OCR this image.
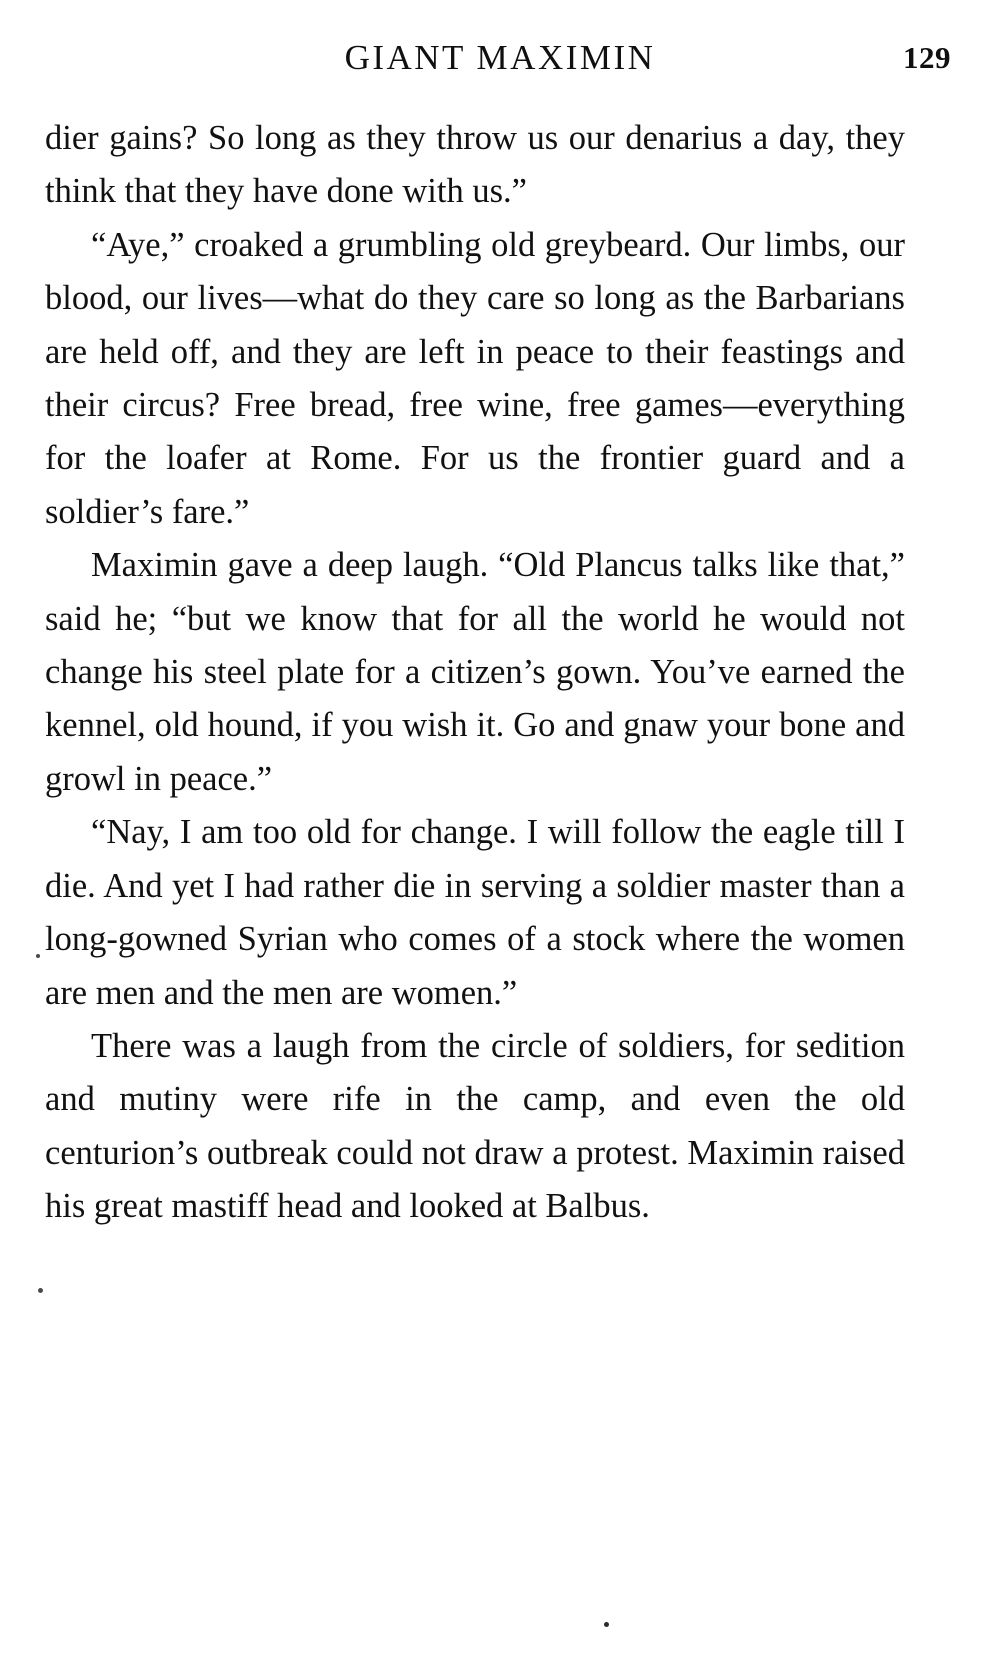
GIANT MAXIMIN	129

dier gains? So long as they throw us our denarius a day, they think that they have done with us.”

“Aye,” croaked a grumbling old greybeard. Our limbs, our blood, our lives—what do they care so long as the Barbarians are held off, and they are left in peace to their feastings and their circus? Free bread, free wine, free games—everything for the loafer at Rome. For us the frontier guard and a soldier’s fare.”

Maximin gave a deep laugh. “Old Plancus talks like that,” said he; “but we know that for all the world he would not change his steel plate for a citizen’s gown. You’ve earned the kennel, old hound, if you wish it. Go and gnaw your bone and growl in peace.”

“Nay, I am too old for change. I will follow the eagle till I die. And yet I had rather die in serving a soldier master than a long-gowned Syrian who comes of a stock where the women are men and the men are women.”

There was a laugh from the circle of soldiers, for sedition and mutiny were rife in the camp, and even the old centurion’s outbreak could not draw a protest. Maximin raised his great mastiff head and looked at Balbus.
